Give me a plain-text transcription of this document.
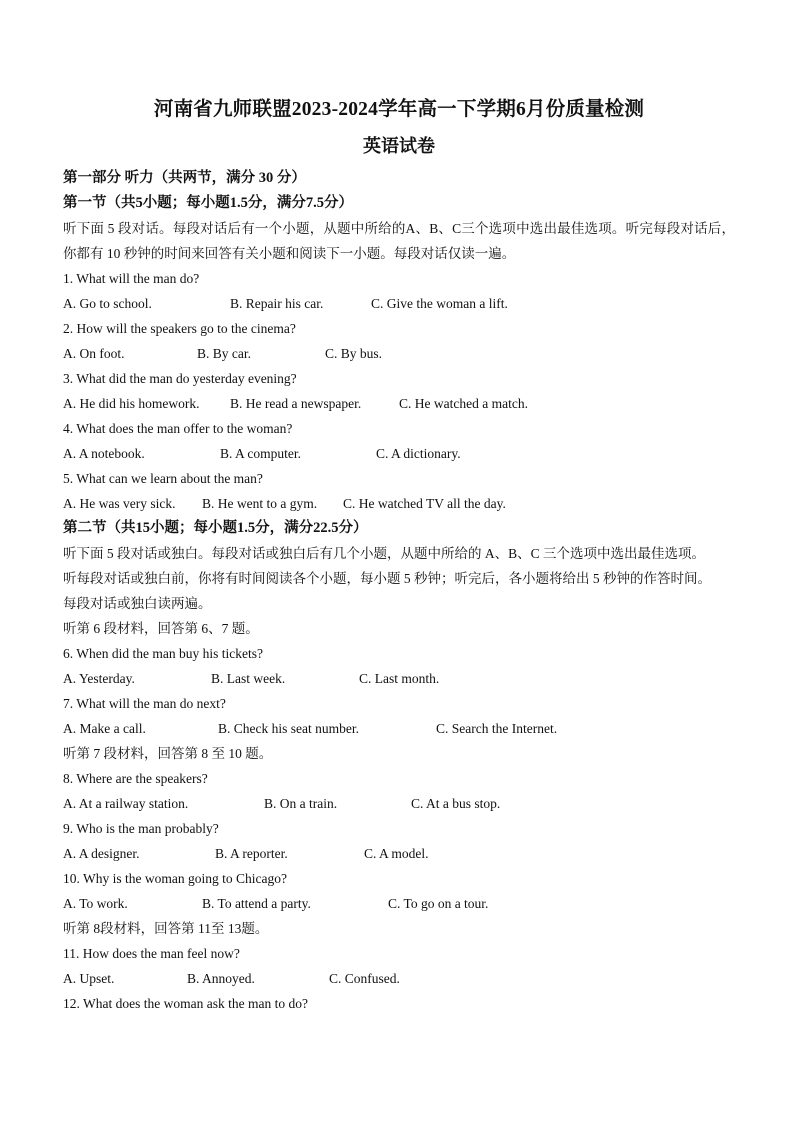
河南省九师联盟2023-2024学年高一下学期6月份质量检测
英语试卷

第一部分 听力（共两节，满分 30 分）

第一节（共5小题；每小题1.5分，满分7.5分）

听下面 5 段对话。每段对话后有一个小题，从题中所给的A、B、C三个选项中选出最佳选项。听完每段对话后，你都有 10 秒钟的时间来回答有关小题和阅读下一小题。每段对话仅读一遍。

1. What will the man do?

A. Go to school.	B. Repair his car.	C. Give the woman a lift.

2. How will the speakers go to the cinema?

A. On foot.	B. By car.	C. By bus.

3. What did the man do yesterday evening?

A. He did his homework. B. He read a newspaper.	C. He watched a match.

4. What does the man offer to the woman?

A. A notebook.	B. A computer.	C. A dictionary.

5. What can we learn about the man?

A. He was very sick. B. He went to a gym. C. He watched TV all the day.

第二节（共15小题；每小题1.5分，满分22.5分）

听下面 5 段对话或独白。每段对话或独白后有几个小题，从题中所给的 A、B、C 三个选项中选出最佳选项。

听每段对话或独白前，你将有时间阅读各个小题，每小题 5 秒钟；听完后，各小题将给出 5 秒钟的作答时间。

每段对话或独白读两遍。

听第 6 段材料，回答第 6、7 题。

6. When did the man buy his tickets?

A. Yesterday.	B. Last week.	C. Last month.

7. What will the man do next?

A. Make a call.	B. Check his seat number.	C. Search the Internet.

听第 7 段材料，回答第 8 至 10 题。

8. Where are the speakers?

A. At a railway station.	B. On a train.	C. At a bus stop.

9. Who is the man probably?

A. A designer.	B. A reporter.	C. A model.

10. Why is the woman going to Chicago?

A. To work.	B. To attend a party.	C. To go on a tour.

听第 8段材料，回答第 11至 13题。

11. How does the man feel now?

A. Upset.	B. Annoyed.	C. Confused.

12. What does the woman ask the man to do?
